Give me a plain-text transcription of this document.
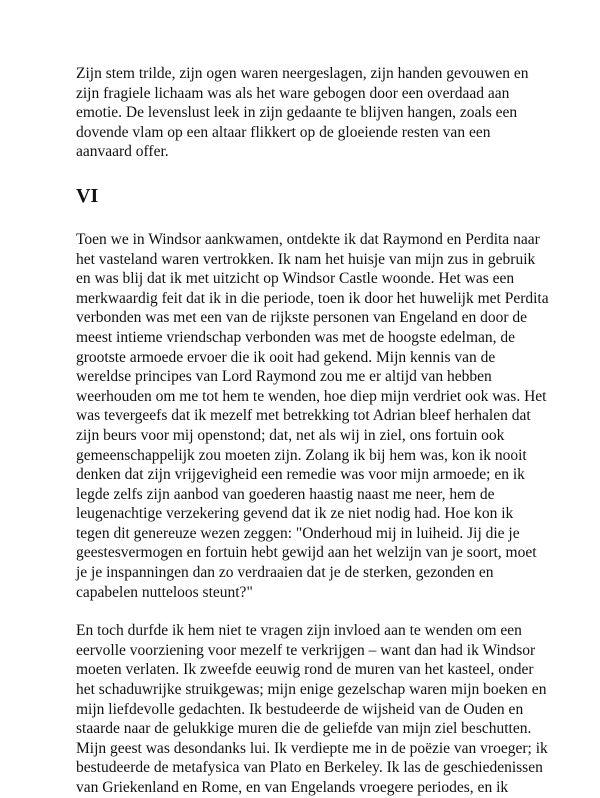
Zijn stem trilde, zijn ogen waren neergeslagen, zijn handen gevouwen en
zijn fragiele lichaam was als het ware gebogen door een overdaad aan
emotie. De levenslust leek in zijn gedaante te blijven hangen, zoals een
dovende vlam op een altaar flikkert op de gloeiende resten van een
aanvaard offer.

VI

Toen we in Windsor aankwamen, ontdekte ik dat Raymond en Perdita naar
het vasteland waren vertrokken. Ik nam het huisje van mijn zus in gebruik
en was blij dat ik met uitzicht op Windsor Castle woonde. Het was een
merkwaardig feit dat ik in die periode, toen ik door het huwelijk met Perdita
verbonden was met een van de rijkste personen van Engeland en door de
meest intieme vriendschap verbonden was met de hoogste edelman, de
grootste armoede ervoer die ik ooit had gekend. Mijn kennis van de
wereldse principes van Lord Raymond zou me er altijd van hebben
weerhouden om me tot hem te wenden, hoe diep mijn verdriet ook was. Het
was tevergeefs dat ik mezelf met betrekking tot Adrian bleef herhalen dat
zijn beurs voor mij openstond; dat, net als wij in ziel, ons fortuin ook
gemeenschappelijk zou moeten zijn. Zolang ik bij hem was, kon ik nooit
denken dat zijn vrijgevigheid een remedie was voor mijn armoede; en ik
legde zelfs zijn aanbod van goederen haastig naast me neer, hem de
leugenachtige verzekering gevend dat ik ze niet nodig had. Hoe kon ik
tegen dit genereuze wezen zeggen: "Onderhoud mij in luiheid. Jij die je
geestesvermogen en fortuin hebt gewijd aan het welzijn van je soort, moet
je je inspanningen dan zo verdraaien dat je de sterken, gezonden en
capabelen nutteloos steunt?"

En toch durfde ik hem niet te vragen zijn invloed aan te wenden om een
eervolle voorziening voor mezelf te verkrijgen – want dan had ik Windsor
moeten verlaten. Ik zweefde eeuwig rond de muren van het kasteel, onder
het schaduwrijke struikgewas; mijn enige gezelschap waren mijn boeken en
mijn liefdevolle gedachten. Ik bestudeerde de wijsheid van de Ouden en
staarde naar de gelukkige muren die de geliefde van mijn ziel beschutten.
Mijn geest was desondanks lui. Ik verdiepte me in de poëzie van vroeger; ik
bestudeerde de metafysica van Plato en Berkeley. Ik las de geschiedenissen
van Griekenland en Rome, en van Engelands vroegere periodes, en ik
